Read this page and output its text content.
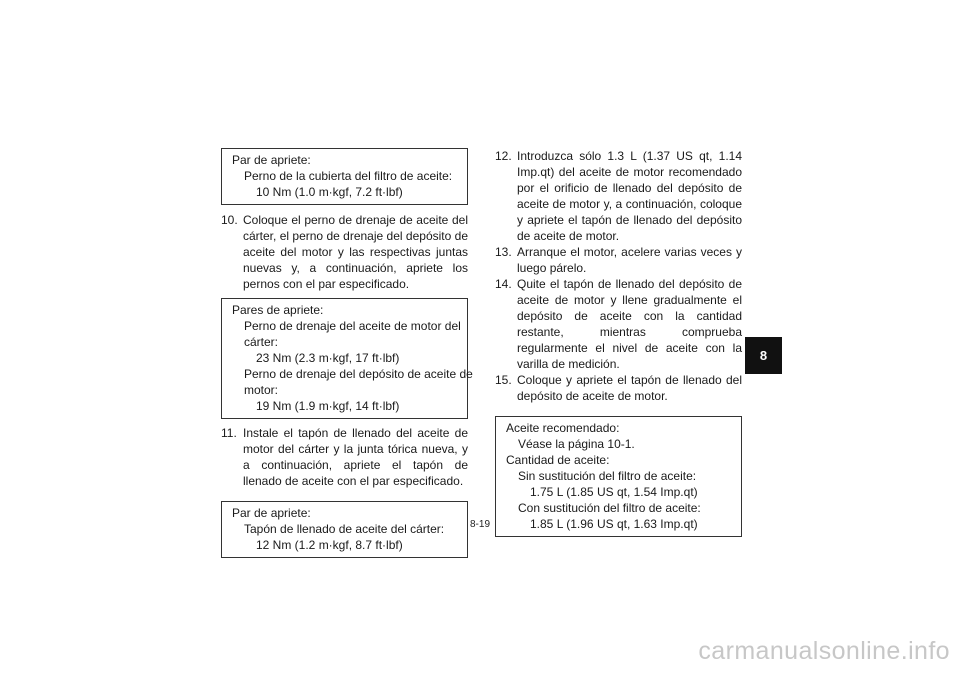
Par de apriete:
Perno de la cubierta del filtro de aceite:
10 Nm (1.0 m·kgf, 7.2 ft·lbf)
10. Coloque el perno de drenaje de aceite del cárter, el perno de drenaje del depósito de aceite del motor y las respectivas juntas nuevas y, a continuación, apriete los pernos con el par especificado.
Pares de apriete:
Perno de drenaje del aceite de motor del
cárter:
23 Nm (2.3 m·kgf, 17 ft·lbf)
Perno de drenaje del depósito de aceite de
motor:
19 Nm (1.9 m·kgf, 14 ft·lbf)
11. Instale el tapón de llenado del aceite de motor del cárter y la junta tórica nueva, y a continuación, apriete el tapón de llenado de aceite con el par especificado.
Par de apriete:
Tapón de llenado de aceite del cárter:
12 Nm (1.2 m·kgf, 8.7 ft·lbf)
12. Introduzca sólo 1.3 L (1.37 US qt, 1.14 Imp.qt) del aceite de motor recomendado por el orificio de llenado del depósito de aceite de motor y, a continuación, coloque y apriete el tapón de llenado del depósito de aceite de motor.
13. Arranque el motor, acelere varias veces y luego párelo.
14. Quite el tapón de llenado del depósito de aceite de motor y llene gradualmente el depósito de aceite con la cantidad restante, mientras comprueba regularmente el nivel de aceite con la varilla de medición.
15. Coloque y apriete el tapón de llenado del depósito de aceite de motor.
Aceite recomendado:
Véase la página 10-1.
Cantidad de aceite:
Sin sustitución del filtro de aceite:
1.75 L (1.85 US qt, 1.54 Imp.qt)
Con sustitución del filtro de aceite:
1.85 L (1.96 US qt, 1.63 Imp.qt)
8
8-19
carmanualsonline.info
